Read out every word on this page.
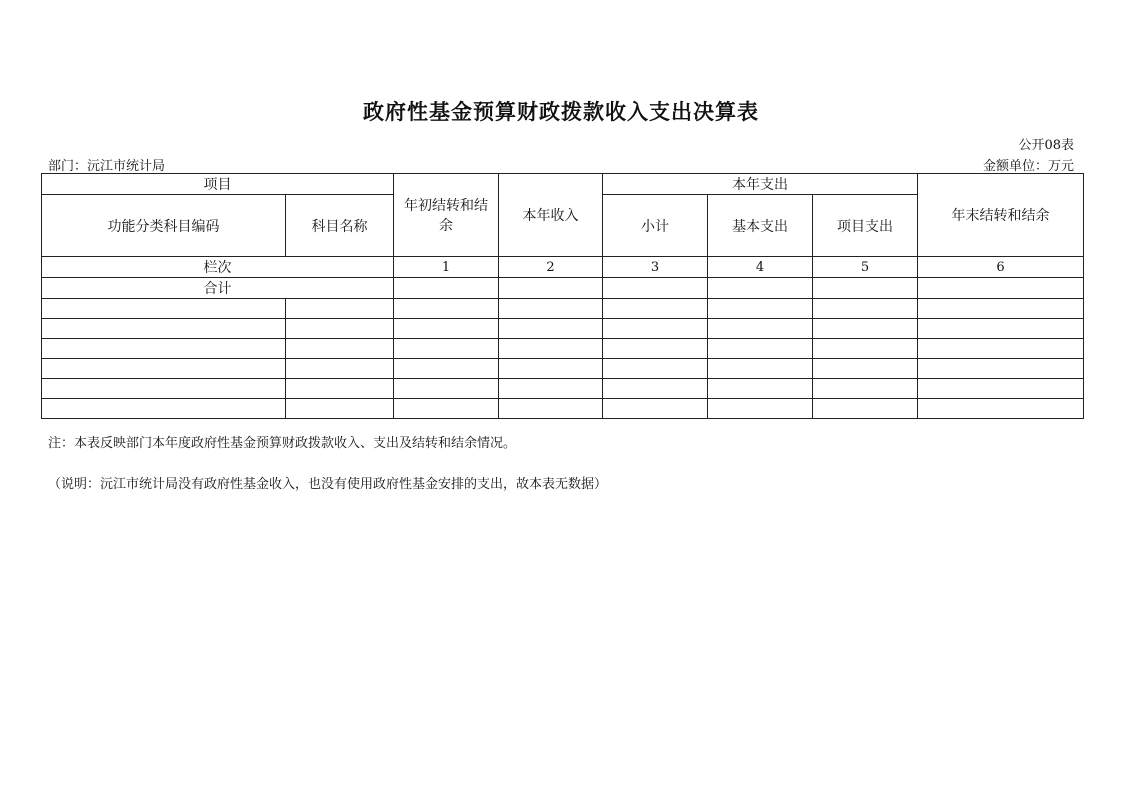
政府性基金预算财政拨款收入支出决算表
公开08表
部门：沅江市统计局	金额单位：万元
项目		年初结转和结余	本年收入	本年支出			年末结转和结余
功能分类科目编码	科目名称			小计	基本支出	项目支出	
栏次		1	2	3	4	5	6
合计							

注：本表反映部门本年度政府性基金预算财政拨款收入、支出及结转和结余情况。
（说明：沅江市统计局没有政府性基金收入，也没有使用政府性基金安排的支出，故本表无数据）
